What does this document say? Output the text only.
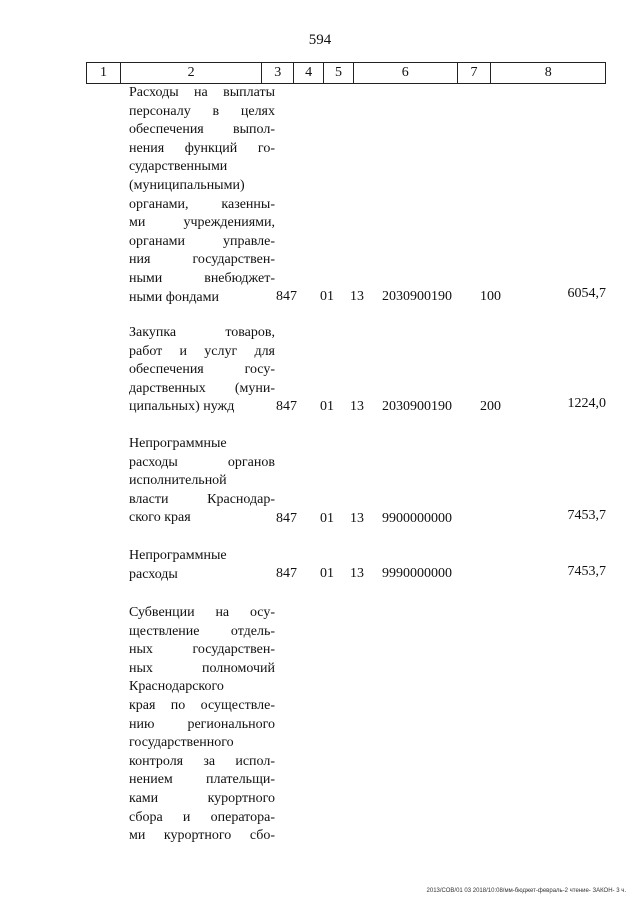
594
1	2	3	4	5	6	7	8
Расходы на выплаты
персоналу в целях
обеспечения выпол-
нения функций го-
сударственными
(муниципальными)
органами, казенны-
ми учреждениями,
органами управле-
ния государствен-
ными внебюджет-
ными фондами	847 01 13 2030900190 100	6054,7
Закупка товаров,
работ и услуг для
обеспечения госу-
дарственных (муни-
ципальных) нужд	847 01 13 2030900190 200	1224,0
Непрограммные
расходы органов
исполнительной
власти Краснодар-
ского края	847 01 13 9900000000	7453,7
Непрограммные
расходы	847 01 13 9990000000	7453,7
Субвенции на осу-
ществление отдель-
ных государствен-
ных полномочий
Краснодарского
края по осуществле-
нию регионального
государственного
контроля за испол-
нением плательщи-
ками курортного
сбора и оператора-
ми курортного сбо-
2013/СОВ/01 03 2018/10:08/мм-бюджет-февраль-2 чтение- ЗАКОН- 3 ч.
